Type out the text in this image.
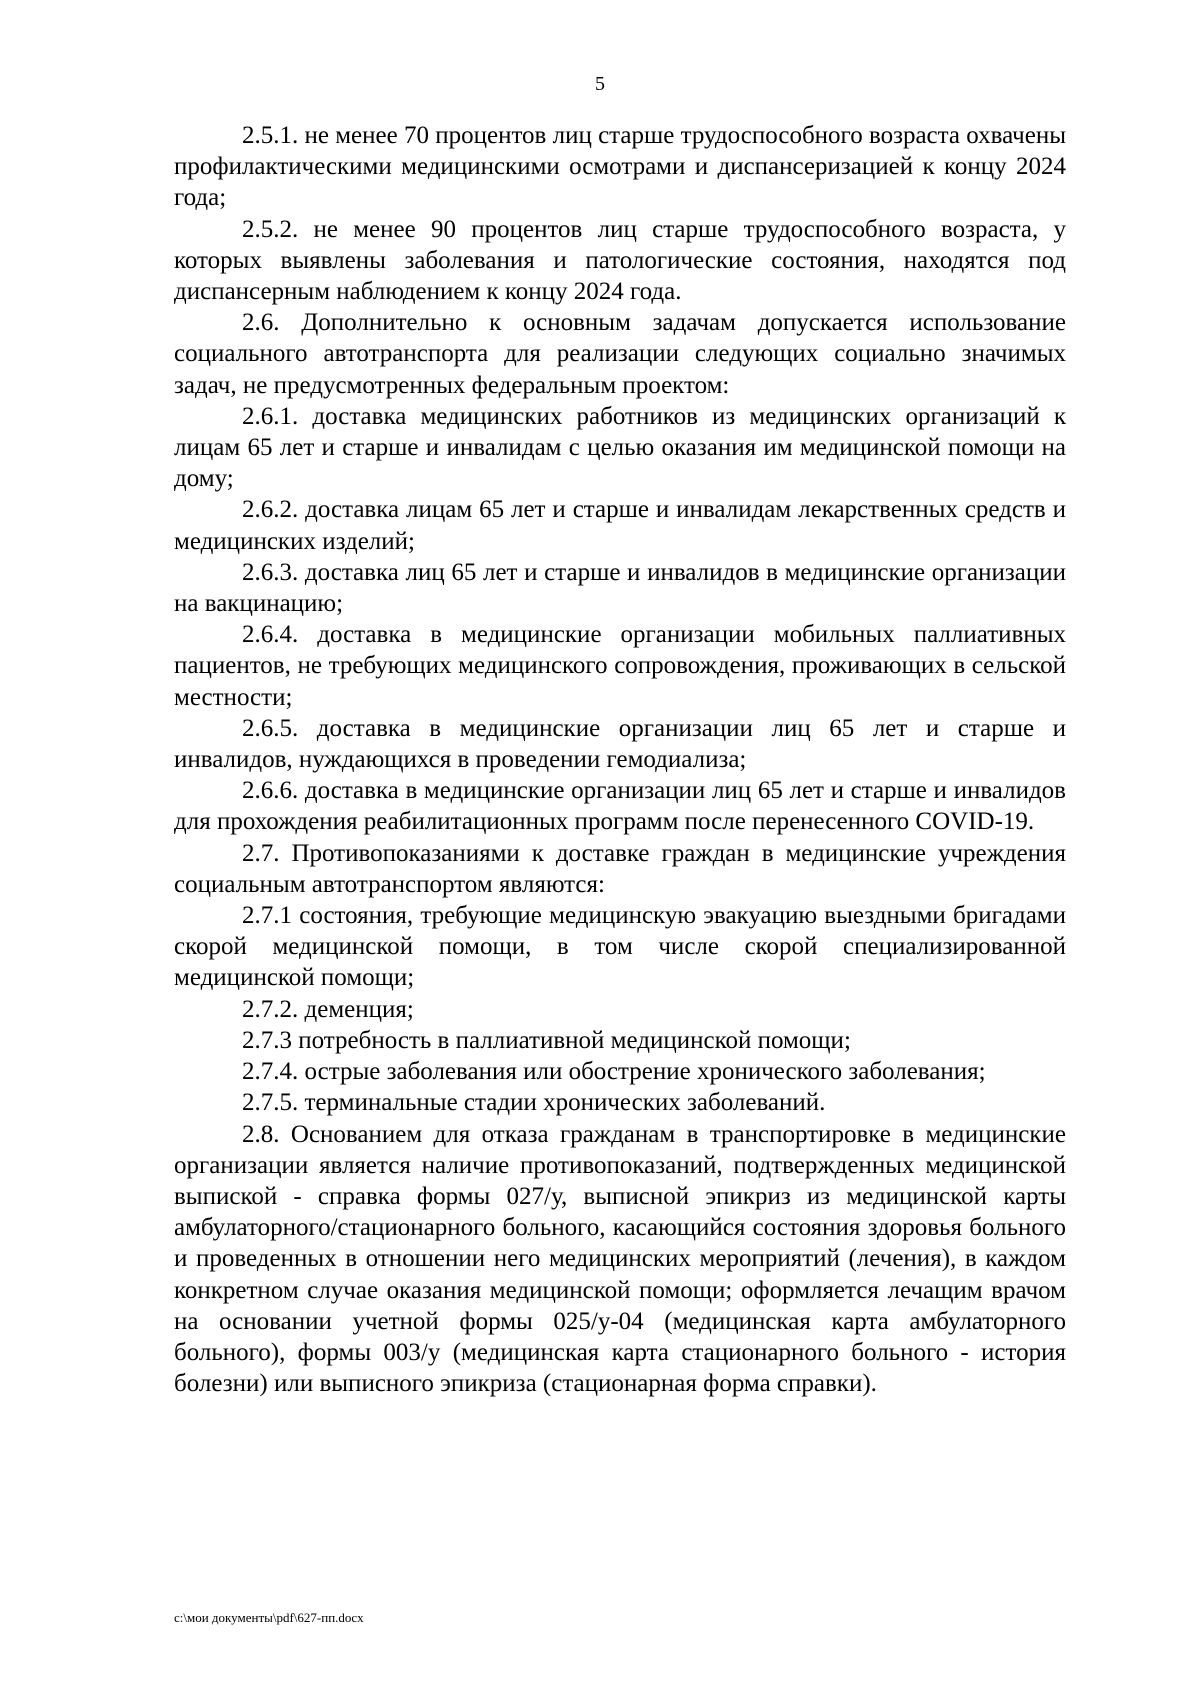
5

2.5.1. не менее 70 процентов лиц старше трудоспособного возраста охвачены профилактическими медицинскими осмотрами и диспансеризацией к концу 2024 года;

2.5.2. не менее 90 процентов лиц старше трудоспособного возраста, у которых выявлены заболевания и патологические состояния, находятся под диспансерным наблюдением к концу 2024 года.

2.6. Дополнительно к основным задачам допускается использование социального автотранспорта для реализации следующих социально значимых задач, не предусмотренных федеральным проектом:

2.6.1. доставка медицинских работников из медицинских организаций к лицам 65 лет и старше и инвалидам с целью оказания им медицинской помощи на дому;

2.6.2. доставка лицам 65 лет и старше и инвалидам лекарственных средств и медицинских изделий;

2.6.3. доставка лиц 65 лет и старше и инвалидов в медицинские организации на вакцинацию;

2.6.4. доставка в медицинские организации мобильных паллиативных пациентов, не требующих медицинского сопровождения, проживающих в сельской местности;

2.6.5. доставка в медицинские организации лиц 65 лет и старше и инвалидов, нуждающихся в проведении гемодиализа;

2.6.6. доставка в медицинские организации лиц 65 лет и старше и инвалидов для прохождения реабилитационных программ после перенесенного COVID-19.

2.7. Противопоказаниями к доставке граждан в медицинские учреждения социальным автотранспортом являются:

2.7.1 состояния, требующие медицинскую эвакуацию выездными бригадами скорой медицинской помощи, в том числе скорой специализированной медицинской помощи;

2.7.2. деменция;

2.7.3 потребность в паллиативной медицинской помощи;

2.7.4. острые заболевания или обострение хронического заболевания;

2.7.5. терминальные стадии хронических заболеваний.

2.8. Основанием для отказа гражданам в транспортировке в медицинские организации является наличие противопоказаний, подтвержденных медицинской выпиской - справка формы 027/у, выписной эпикриз из медицинской карты амбулаторного/стационарного больного, касающийся состояния здоровья больного и проведенных в отношении него медицинских мероприятий (лечения), в каждом конкретном случае оказания медицинской помощи; оформляется лечащим врачом на основании учетной формы 025/у-04 (медицинская карта амбулаторного больного), формы 003/у (медицинская карта стационарного больного - история болезни) или выписного эпикриза (стационарная форма справки).

c:\мои документы\pdf\627-пп.docx
